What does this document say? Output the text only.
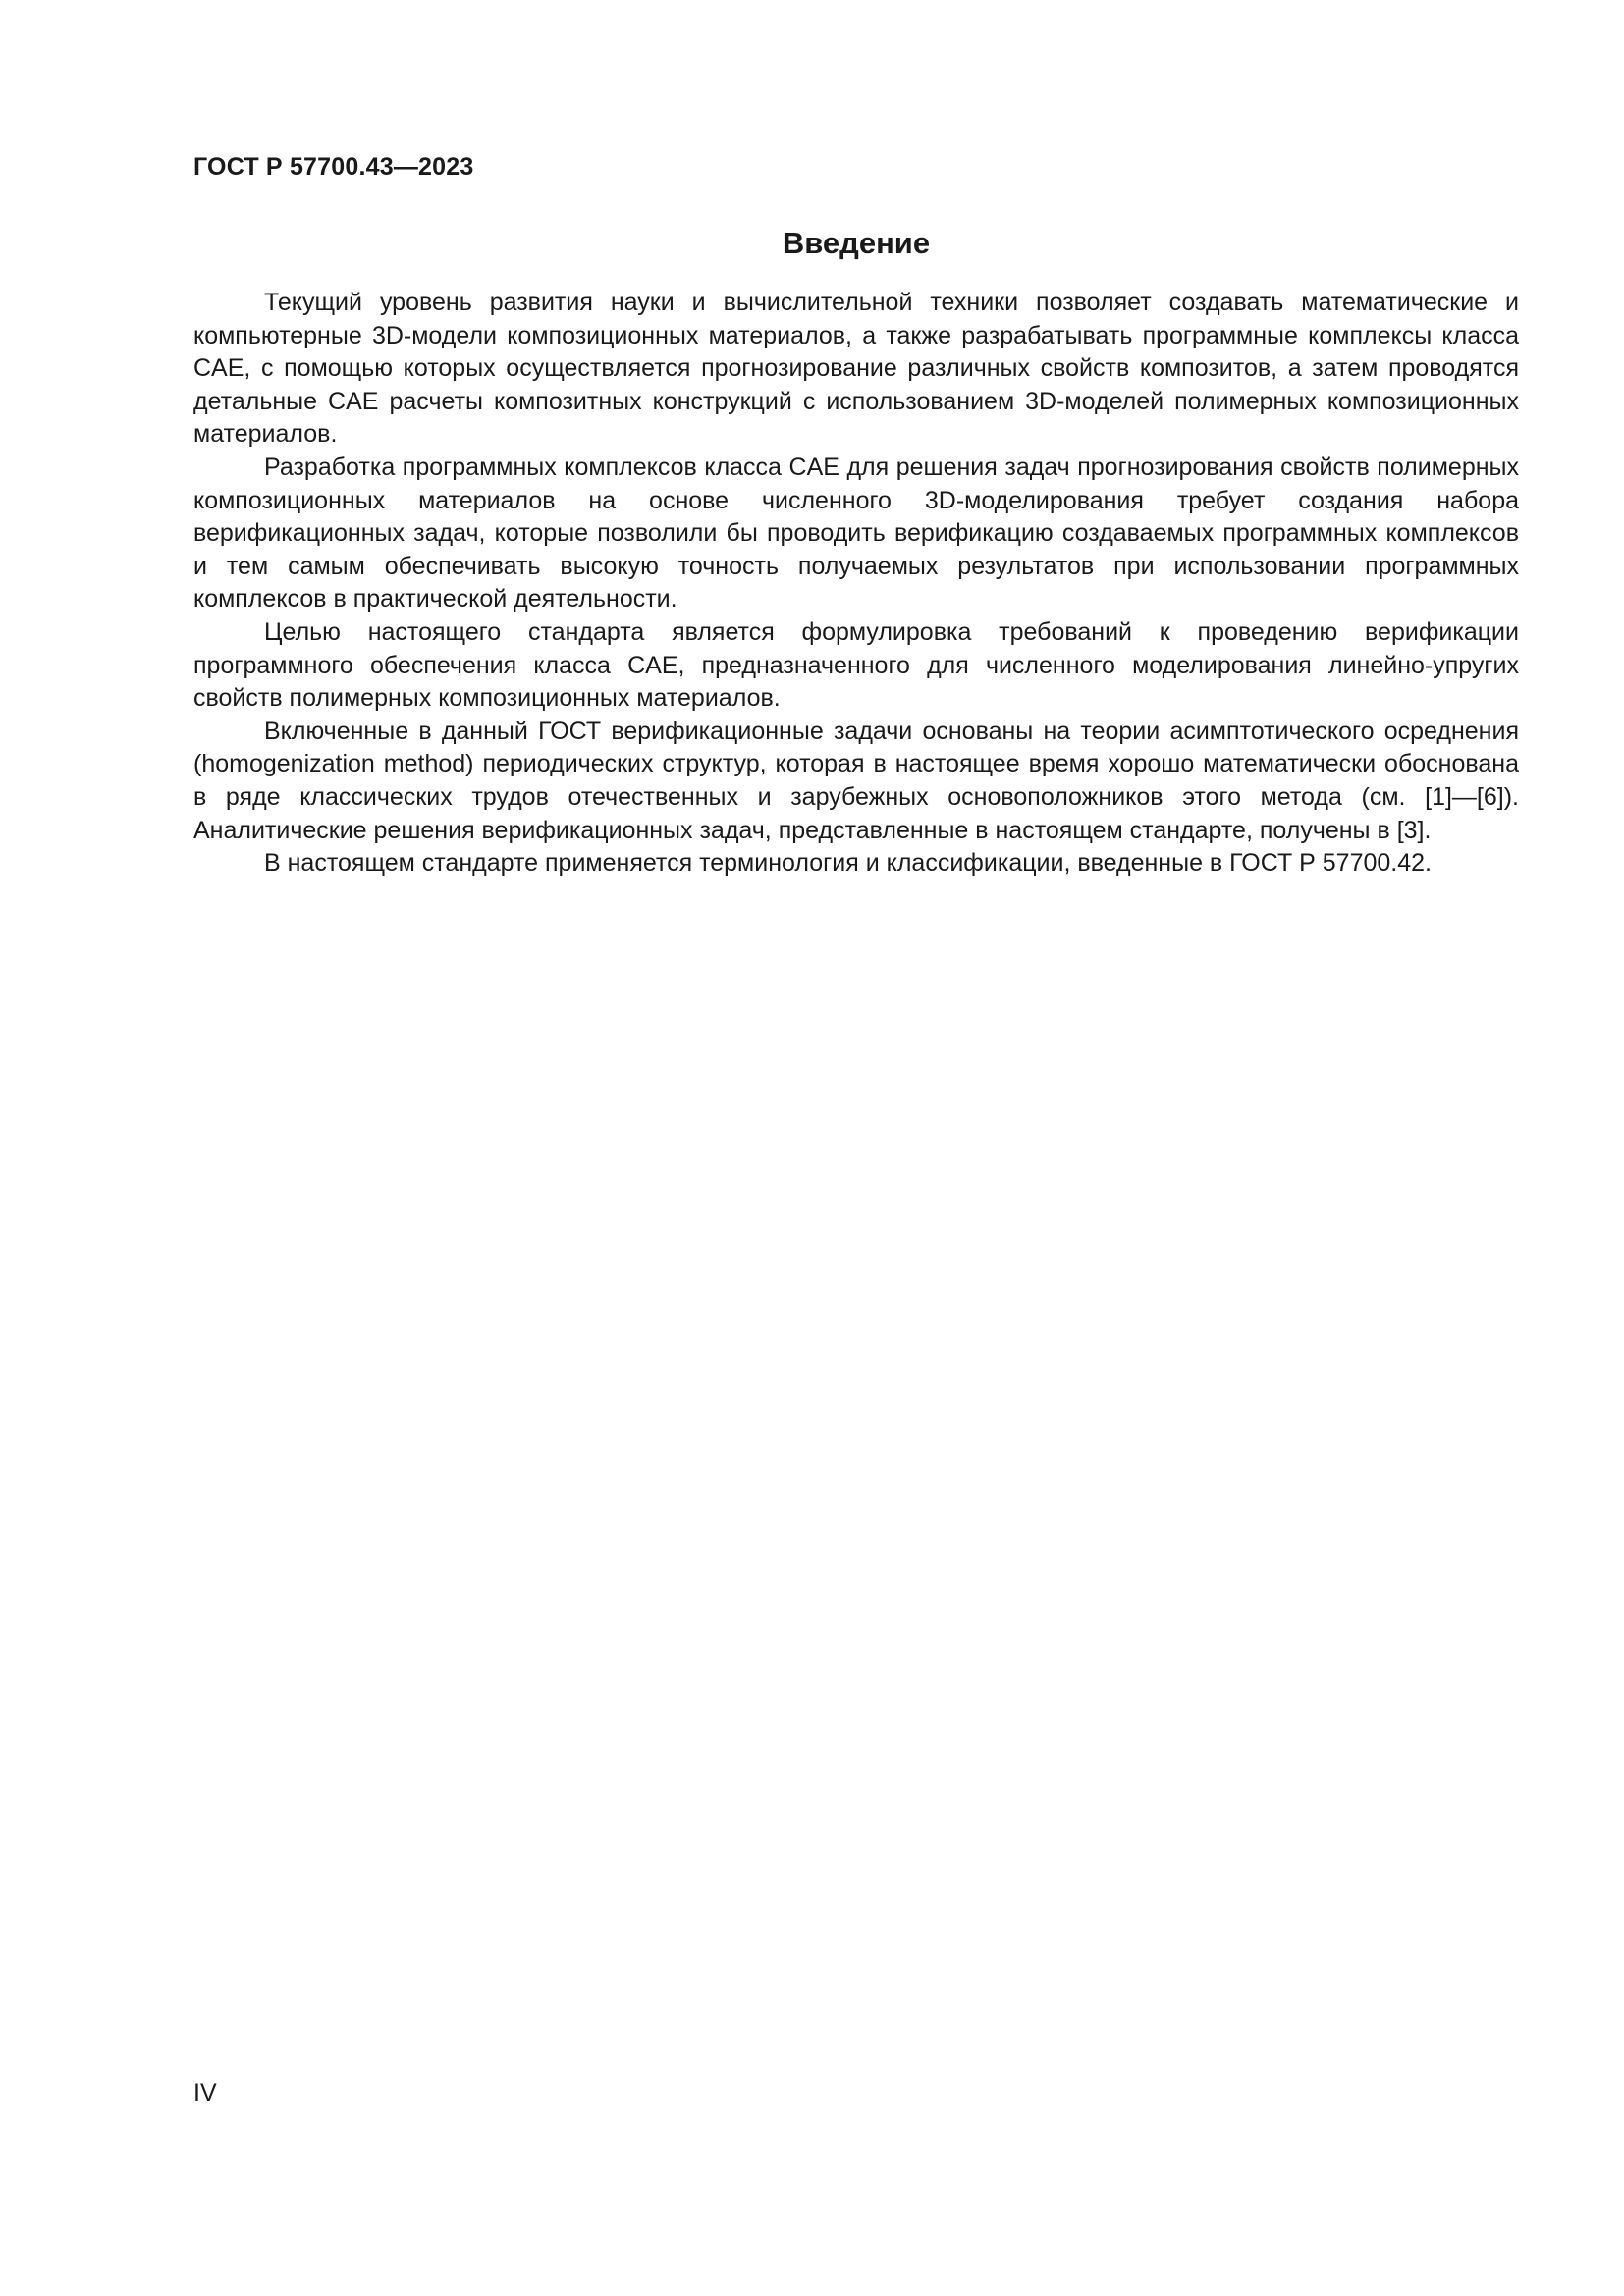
ГОСТ Р 57700.43—2023

Введение

Текущий уровень развития науки и вычислительной техники позволяет создавать математические и компьютерные 3D-модели композиционных материалов, а также разрабатывать программные комплексы класса CAE, с помощью которых осуществляется прогнозирование различных свойств композитов, а затем проводятся детальные CAE расчеты композитных конструкций с использованием 3D-моделей полимерных композиционных материалов.

Разработка программных комплексов класса CAE для решения задач прогнозирования свойств полимерных композиционных материалов на основе численного 3D-моделирования требует создания набора верификационных задач, которые позволили бы проводить верификацию создаваемых программных комплексов и тем самым обеспечивать высокую точность получаемых результатов при использовании программных комплексов в практической деятельности.

Целью настоящего стандарта является формулировка требований к проведению верификации программного обеспечения класса CAE, предназначенного для численного моделирования линейно-упругих свойств полимерных композиционных материалов.

Включенные в данный ГОСТ верификационные задачи основаны на теории асимптотического осреднения (homogenization method) периодических структур, которая в настоящее время хорошо математически обоснована в ряде классических трудов отечественных и зарубежных основоположников этого метода (см. [1]—[6]). Аналитические решения верификационных задач, представленные в настоящем стандарте, получены в [3].

В настоящем стандарте применяется терминология и классификации, введенные в ГОСТ Р 57700.42.

IV
